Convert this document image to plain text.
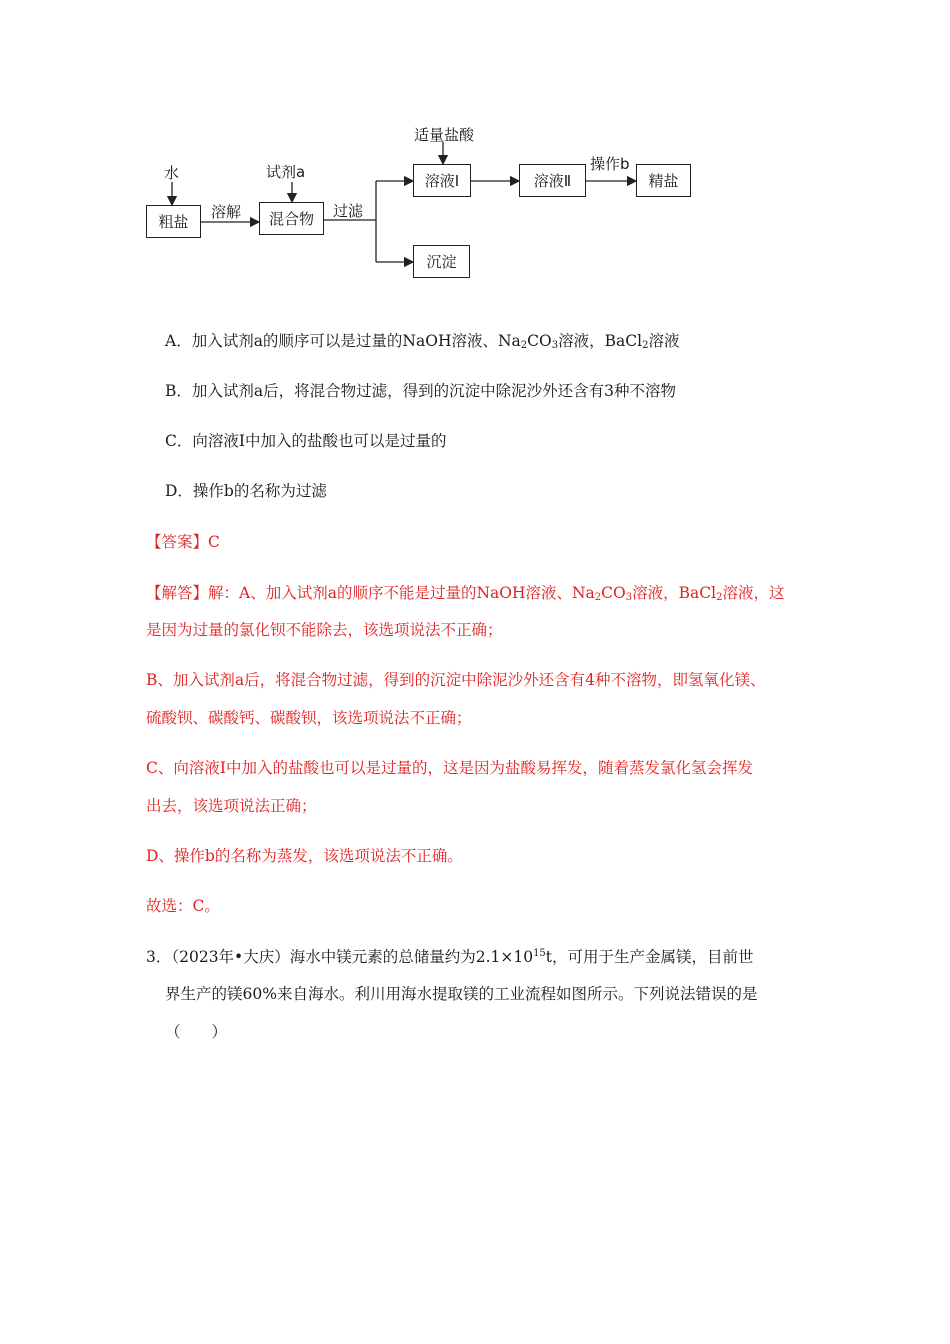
水	试剂a
适量盐酸
操作b
溶解	过滤
粗盐	混合物
溶液Ⅰ	溶液Ⅱ	精盐
沉淀
A．加入试剂a的顺序可以是过量的NaOH溶液、$Na_2CO_3$溶液，BaCl$_2$溶液
B．加入试剂a后，将混合物过滤，得到的沉淀中除泥沙外还含有3种不溶物
C．向溶液Ⅰ中加入的盐酸也可以是过量的
D．操作b的名称为过滤
【答案】C
【解答】解：A、加入试剂a的顺序不能是过量的NaOH溶液、$Na_2CO_3$溶液，BaCl$_2$溶液，这
是因为过量的氯化钡不能除去，该选项说法不正确；
B、加入试剂a后，将混合物过滤，得到的沉淀中除泥沙外还含有4种不溶物，即氢氧化镁、
硫酸钡、碳酸钙、碳酸钡，该选项说法不正确；
C、向溶液Ⅰ中加入的盐酸也可以是过量的，这是因为盐酸易挥发，随着蒸发氯化氢会挥发
出去，该选项说法正确；
D、操作b的名称为蒸发，该选项说法不正确。
故选：C。
3．（2023年•大庆）海水中镁元素的总储量约为$2.1\times 10^{15}t$，可用于生产金属镁，目前世
界生产的镁60%来自海水。利川用海水提取镁的工业流程如图所示。下列说法错误的是
（　　）
